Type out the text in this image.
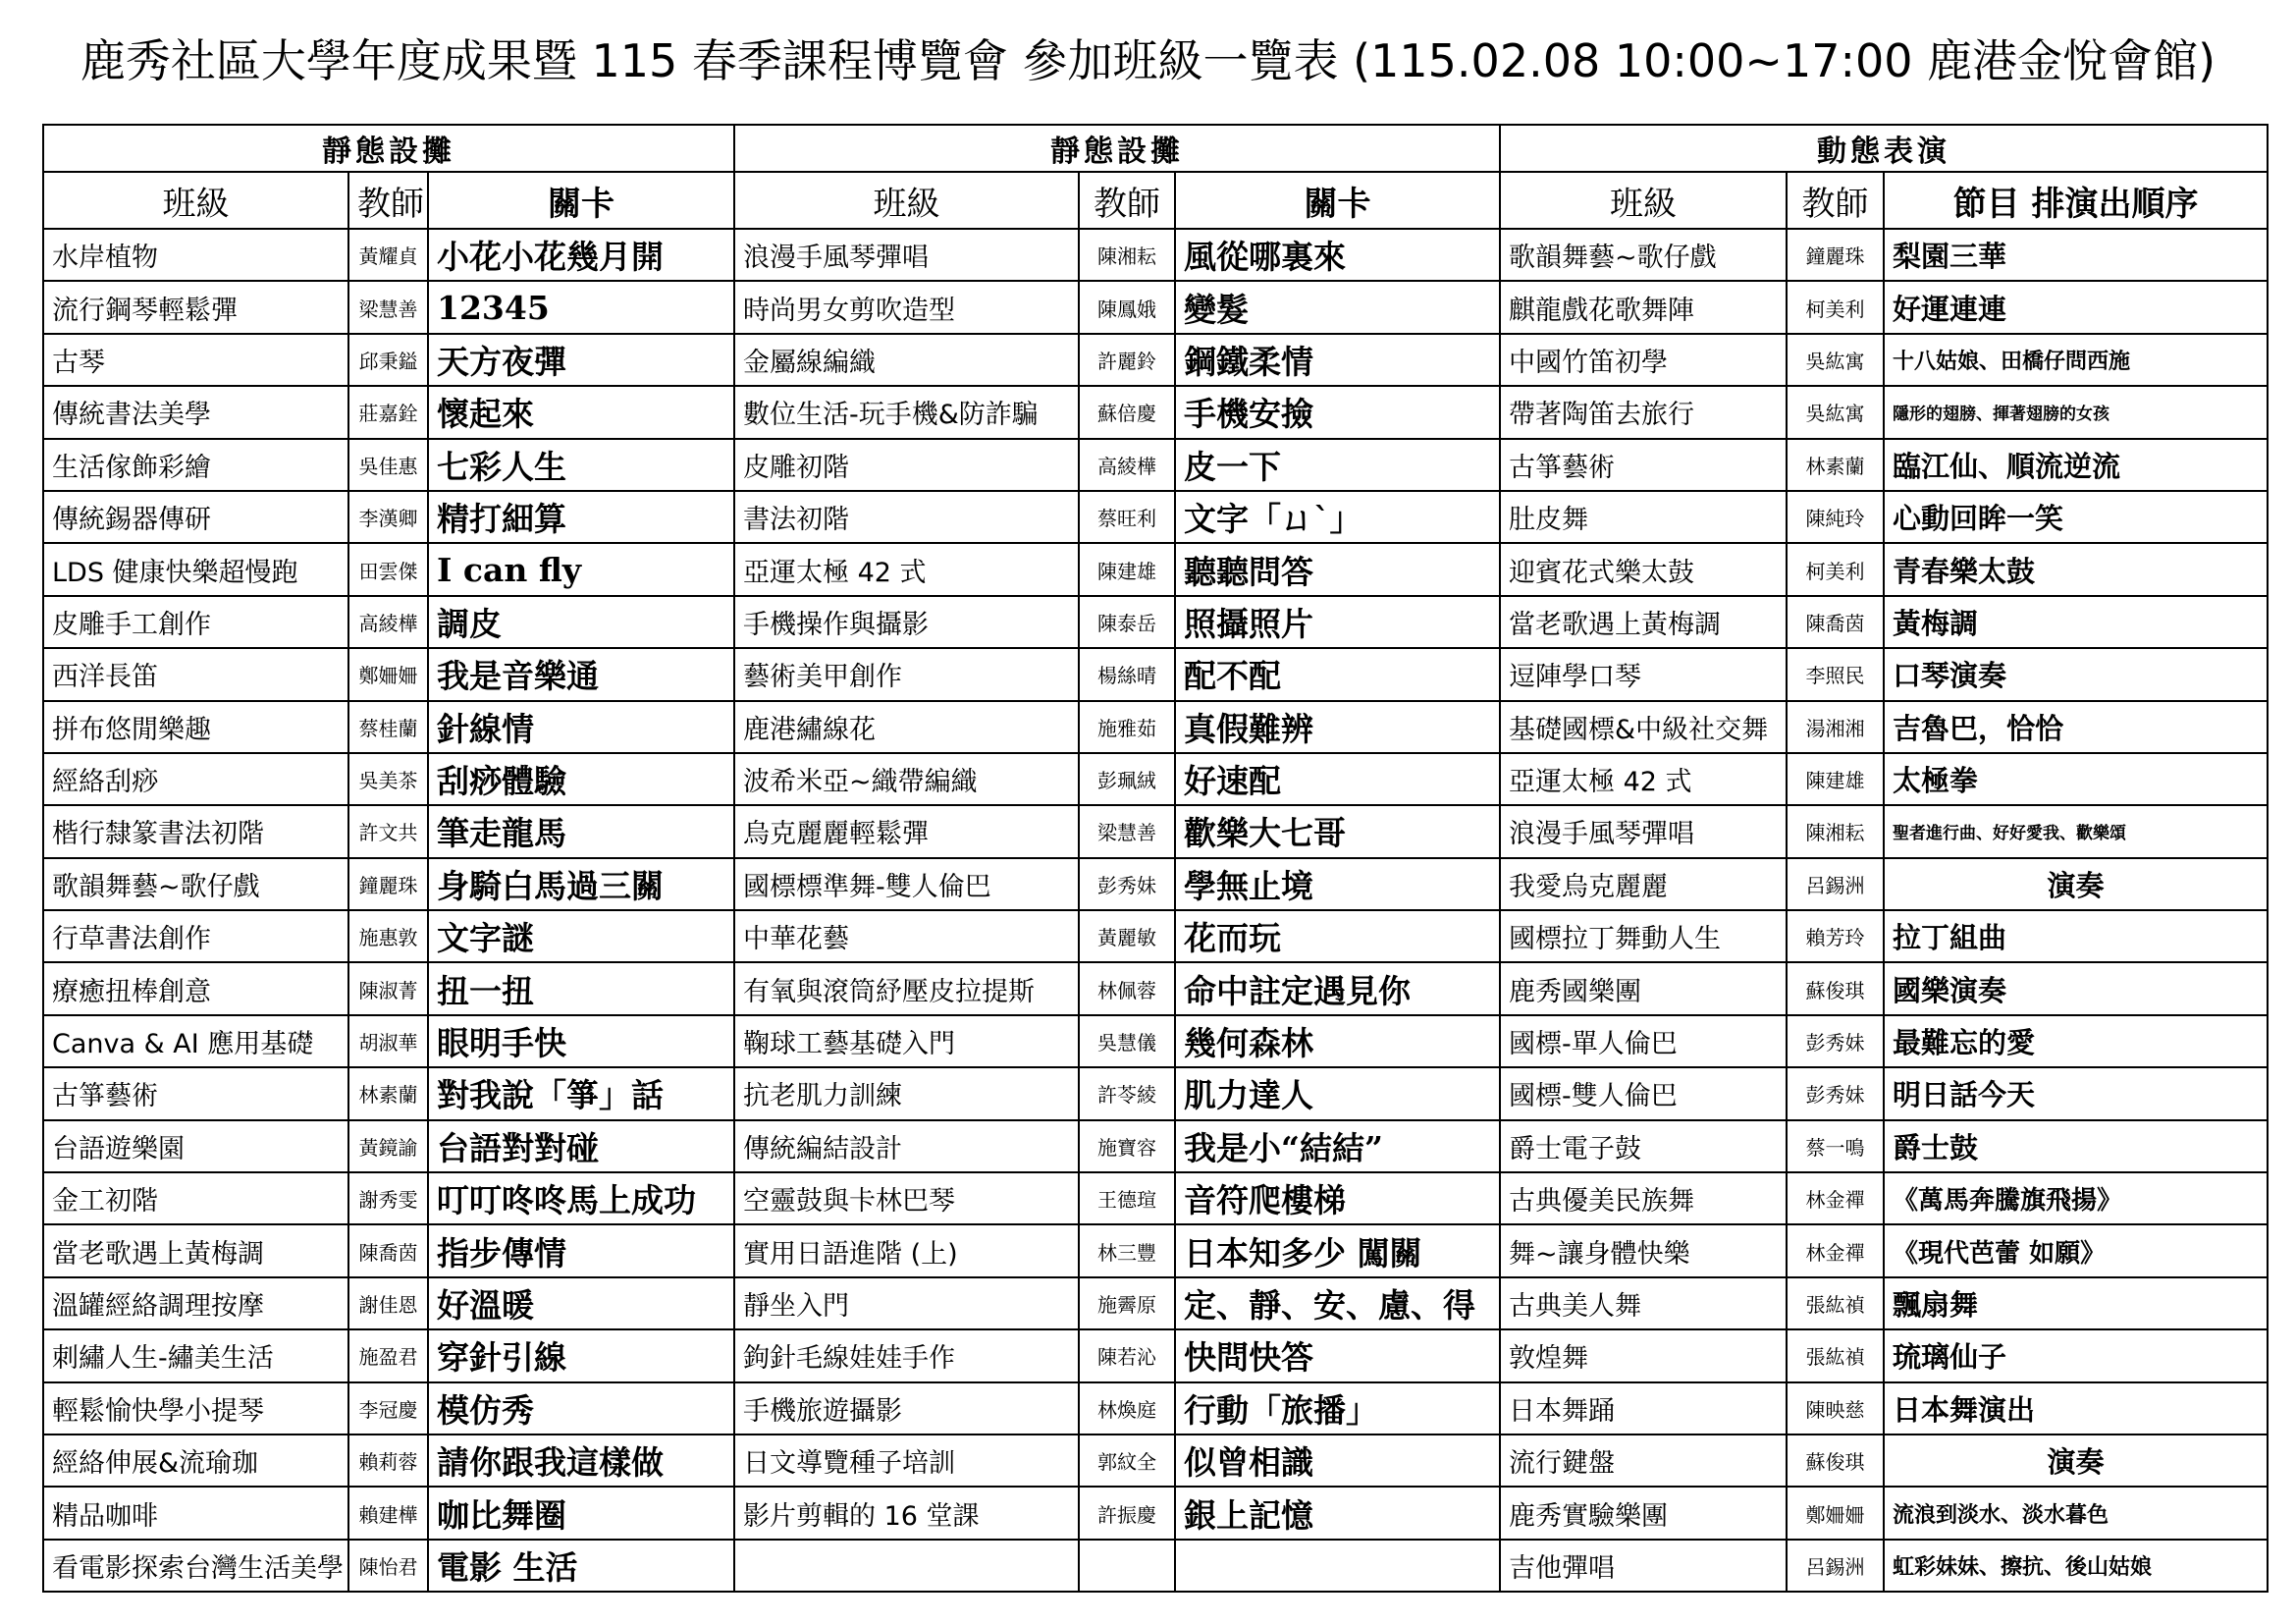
鹿秀社區大學年度成果暨 115 春季課程博覽會 參加班級一覽表 (115.02.08 10:00~17:00 鹿港金悅會館)
靜態設攤			靜態設攤			動態表演		
班級	教師	關卡	班級	教師	關卡	班級	教師	節目 排演出順序
水岸植物	黃耀貞	小花小花幾月開	浪漫手風琴彈唱	陳湘耘	風從哪裏來	歌韻舞藝~歌仔戲	鐘麗珠	梨園三華
流行鋼琴輕鬆彈	梁慧善	12345	時尚男女剪吹造型	陳鳳娥	變髮	麒龍戲花歌舞陣	柯美利	好運連連
古琴	邱秉鎰	天方夜彈	金屬線編織	許麗鈴	鋼鐵柔情	中國竹笛初學	吳紘寓	十八姑娘、田橋仔問西施
傳統書法美學	莊嘉銓	懷起來	數位生活-玩手機&防詐騙	蘇倍慶	手機安撿	帶著陶笛去旅行	吳紘寓	隱形的翅膀、揮著翅膀的女孩
生活傢飾彩繪	吳佳惠	七彩人生	皮雕初階	高綾樺	皮一下	古箏藝術	林素蘭	臨江仙、順流逆流
傳統錫器傳研	李漢卿	精打細算	書法初階	蔡旺利	文字「ㄩˋ」	肚皮舞	陳純玲	心動回眸一笑
LDS 健康快樂超慢跑	田雲傑	I can fly	亞運太極 42 式	陳建雄	聽聽問答	迎賓花式樂太鼓	柯美利	青春樂太鼓
皮雕手工創作	高綾樺	調皮	手機操作與攝影	陳泰岳	照攝照片	當老歌遇上黃梅調	陳喬茵	黃梅調
西洋長笛	鄭姍姍	我是音樂通	藝術美甲創作	楊絲晴	配不配	逗陣學口琴	李照民	口琴演奏
拼布悠閒樂趣	蔡桂蘭	針線情	鹿港繡線花	施雅茹	真假難辨	基礎國標&中級社交舞	湯湘湘	吉魯巴，恰恰
經絡刮痧	吳美茶	刮痧體驗	波希米亞~織帶編織	彭珮絨	好速配	亞運太極 42 式	陳建雄	太極拳
楷行隸篆書法初階	許文共	筆走龍馬	烏克麗麗輕鬆彈	梁慧善	歡樂大七哥	浪漫手風琴彈唱	陳湘耘	聖者進行曲、好好愛我、歡樂頌
歌韻舞藝~歌仔戲	鐘麗珠	身騎白馬過三關	國標標準舞-雙人倫巴	彭秀妹	學無止境	我愛烏克麗麗	呂錫洲	演奏
行草書法創作	施惠敦	文字謎	中華花藝	黃麗敏	花而玩	國標拉丁舞動人生	賴芳玲	拉丁組曲
療癒扭棒創意	陳淑菁	扭一扭	有氧與滾筒紓壓皮拉提斯	林佩蓉	命中註定遇見你	鹿秀國樂團	蘇俊琪	國樂演奏
Canva & AI 應用基礎	胡淑華	眼明手快	鞠球工藝基礎入門	吳慧儀	幾何森林	國標-單人倫巴	彭秀妹	最難忘的愛
古箏藝術	林素蘭	對我說「箏」話	抗老肌力訓練	許苓綾	肌力達人	國標-雙人倫巴	彭秀妹	明日話今天
台語遊樂園	黃鏡諭	台語對對碰	傳統編結設計	施寶容	我是小“結結”	爵士電子鼓	蔡一鳴	爵士鼓
金工初階	謝秀雯	叮叮咚咚馬上成功	空靈鼓與卡林巴琴	王德瑄	音符爬樓梯	古典優美民族舞	林金禪	《萬馬奔騰旗飛揚》
當老歌遇上黃梅調	陳喬茵	指步傳情	實用日語進階 (上)	林三豐	日本知多少 闖關	舞~讓身體快樂	林金禪	《現代芭蕾 如願》
溫罐經絡調理按摩	謝佳恩	好溫暖	靜坐入門	施霽原	定、靜、安、慮、得	古典美人舞	張紘禎	飄扇舞
刺繡人生-繡美生活	施盈君	穿針引線	鉤針毛線娃娃手作	陳若沁	快問快答	敦煌舞	張紘禎	琉璃仙子
輕鬆愉快學小提琴	李冠慶	模仿秀	手機旅遊攝影	林煥庭	行動「旅播」	日本舞踊	陳映慈	日本舞演出
經絡伸展&流瑜珈	賴莉蓉	請你跟我這樣做	日文導覽種子培訓	郭紋全	似曾相識	流行鍵盤	蘇俊琪	演奏
精品咖啡	賴建樺	咖比舞圈	影片剪輯的 16 堂課	許振慶	銀上記憶	鹿秀實驗樂團	鄭姍姍	流浪到淡水、淡水暮色
看電影探索台灣生活美學	陳怡君	電影 生活				吉他彈唱	呂錫洲	虹彩妹妹、擦抗、後山姑娘
